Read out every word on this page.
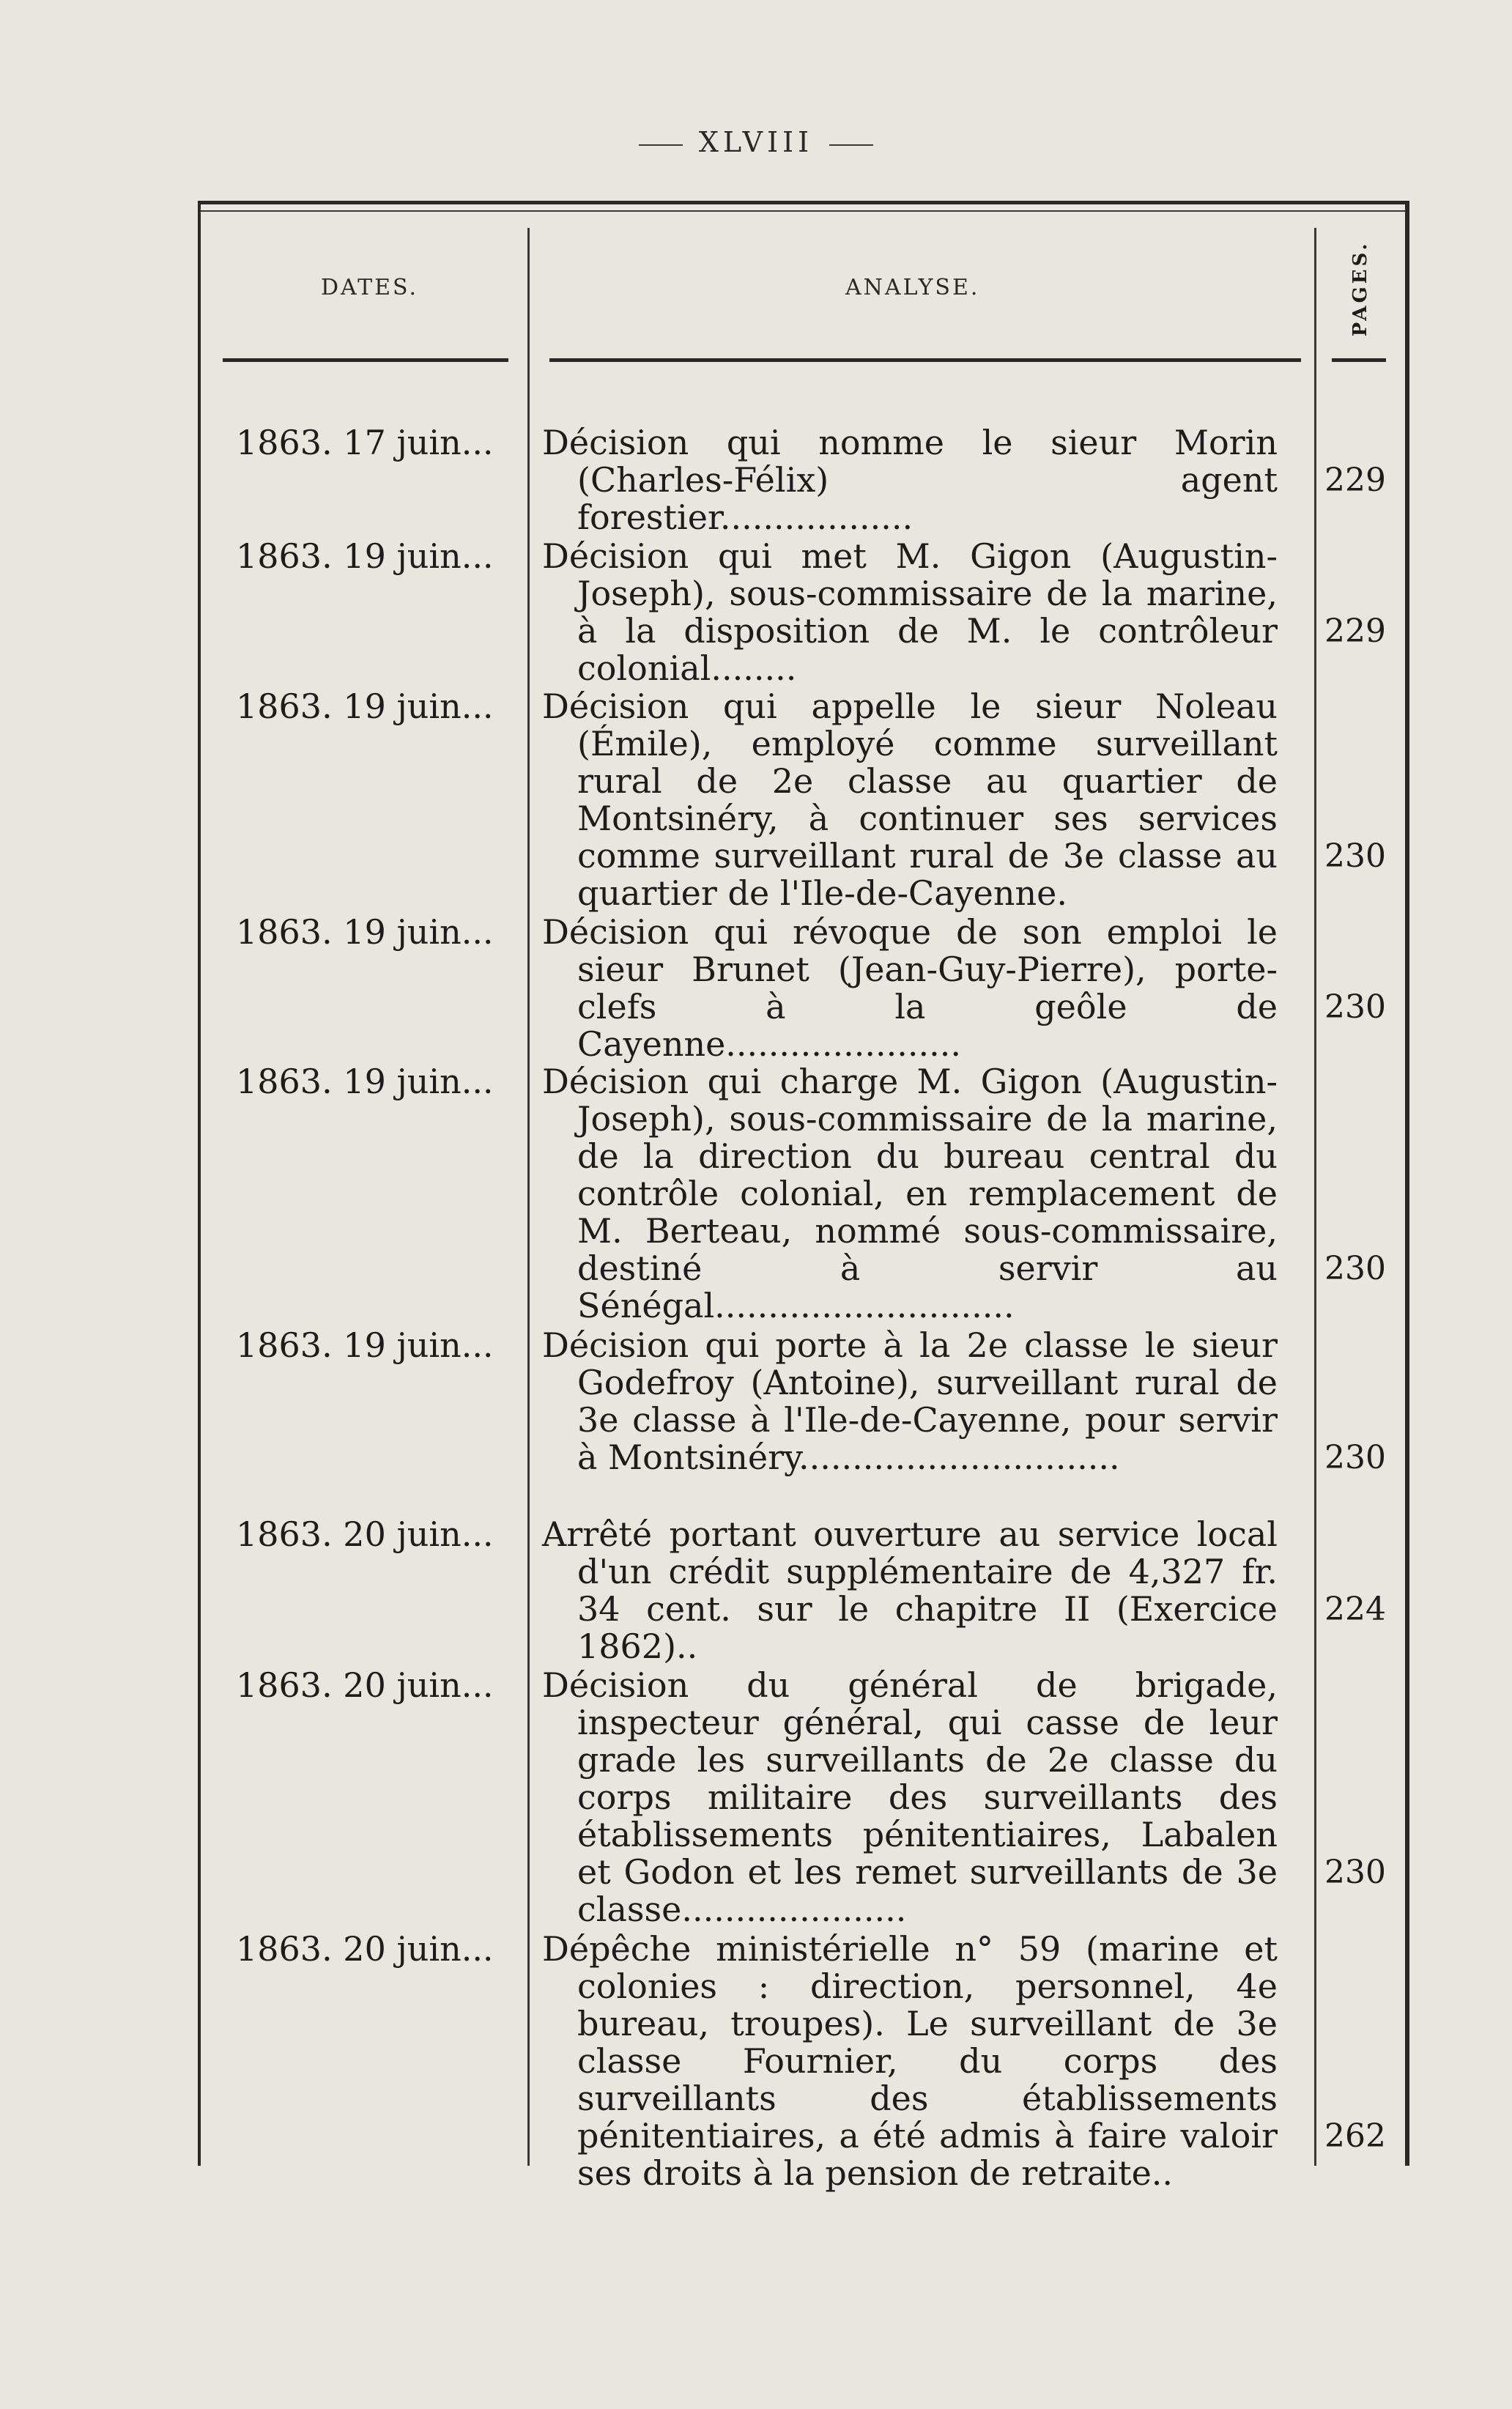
XLVIII
DATES.	ANALYSE.	PAGES.
1863. 17 juin... Décision qui nomme le sieur Morin (Charles-Félix) agent forestier..................
229
1863. 19 juin... Décision qui met M. Gigon (Augustin-Joseph), sous-commissaire de la marine, à la disposition de M. le contrôleur colonial........
229
1863. 19 juin... Décision qui appelle le sieur Noleau (Émile), employé comme surveillant rural de 2e classe au quartier de Montsinéry, à continuer ses services comme surveillant rural de 3e classe au quartier de l'Ile-de-Cayenne.
230
1863. 19 juin... Décision qui révoque de son emploi le sieur Brunet (Jean-Guy-Pierre), porte-clefs à la geôle de Cayenne......................
230
1863. 19 juin... Décision qui charge M. Gigon (Augustin-Joseph), sous-commissaire de la marine, de la direction du bureau central du contrôle colonial, en remplacement de M. Berteau, nommé sous-commissaire, destiné à servir au Sénégal............................
230
1863. 19 juin... Décision qui porte à la 2e classe le sieur Godefroy (Antoine), surveillant rural de 3e classe à l'Ile-de-Cayenne, pour servir à Montsinéry..............................	230
1863. 20 juin... Arrêté portant ouverture au service local d'un crédit supplémentaire de 4,327 fr. 34 cent. sur le chapitre II (Exercice 1862)..
224
1863. 20 juin... Décision du général de brigade, inspecteur général, qui casse de leur grade les surveillants de 2e classe du corps militaire des surveillants des établissements pénitentiaires, Labalen et Godon et les remet surveillants de 3e classe.....................
230
1863. 20 juin... Dépêche ministérielle n° 59 (marine et colonies : direction, personnel, 4e bureau, troupes). Le surveillant de 3e classe Fournier, du corps des surveillants des établissements pénitentiaires, a été admis à faire valoir ses droits à la pension de retraite..
262
